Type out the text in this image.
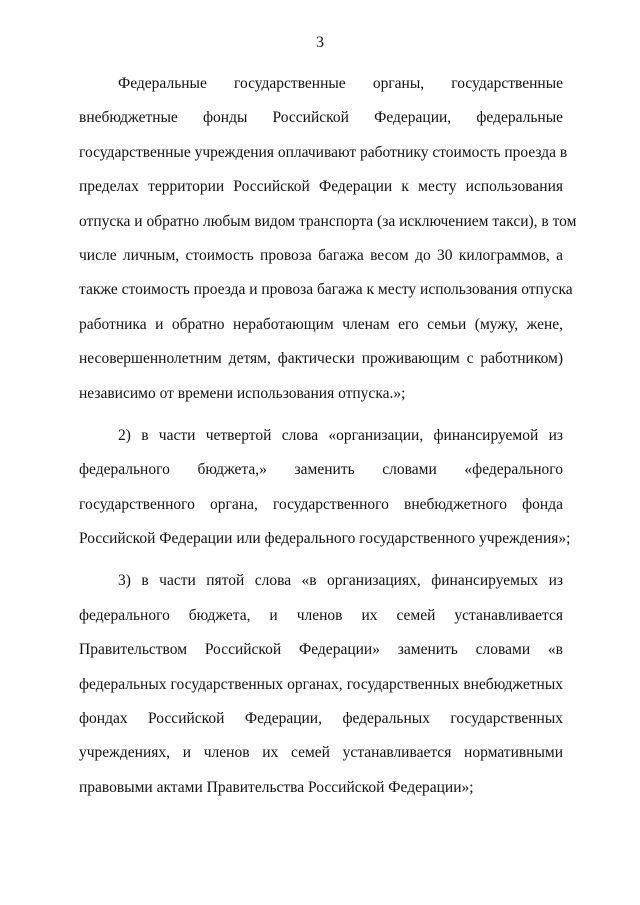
3
Федеральные государственные органы, государственные
внебюджетные фонды Российской Федерации, федеральные
государственные учреждения оплачивают работнику стоимость проезда в
пределах территории Российской Федерации к месту использования
отпуска и обратно любым видом транспорта (за исключением такси), в том
числе личным, стоимость провоза багажа весом до 30 килограммов, а
также стоимость проезда и провоза багажа к месту использования отпуска
работника и обратно неработающим членам его семьи (мужу, жене,
несовершеннолетним детям, фактически проживающим с работником)
независимо от времени использования отпуска.»;
2) в части четвертой слова «организации, финансируемой из
федерального бюджета,» заменить словами «федерального
государственного органа, государственного внебюджетного фонда
Российской Федерации или федерального государственного учреждения»;
3) в части пятой слова «в организациях, финансируемых из
федерального бюджета, и членов их семей устанавливается
Правительством Российской Федерации» заменить словами «в
федеральных государственных органах, государственных внебюджетных
фондах Российской Федерации, федеральных государственных
учреждениях, и членов их семей устанавливается нормативными
правовыми актами Правительства Российской Федерации»;
